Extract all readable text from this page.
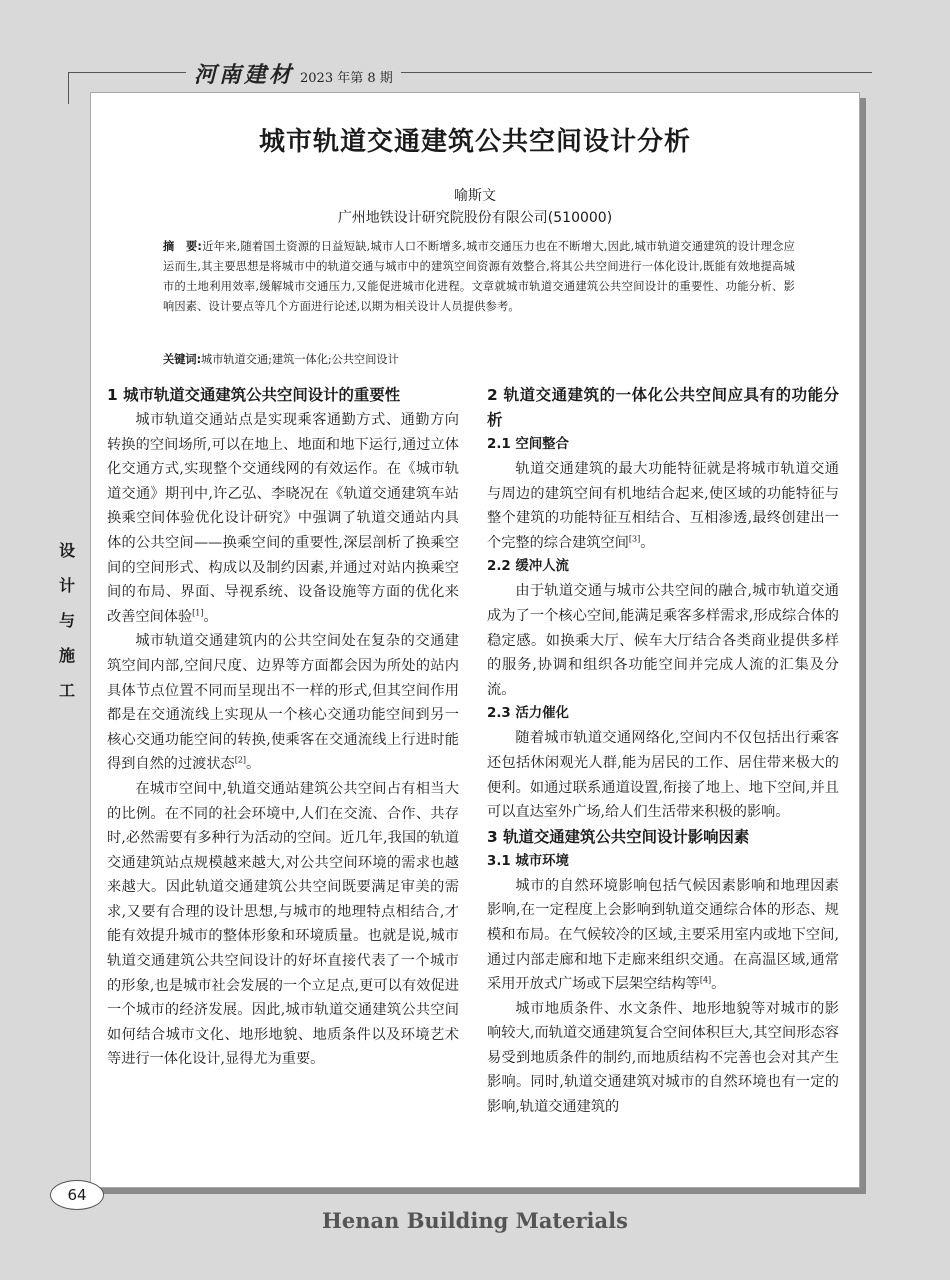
河南建材 2023 年第 8 期
设
计
与
施
工
城市轨道交通建筑公共空间设计分析
喻斯文
广州地铁设计研究院股份有限公司(510000)
摘　要:近年来,随着国土资源的日益短缺,城市人口不断增多,城市交通压力也在不断增大,因此,城市轨道交通建筑的设计理念应运而生,其主要思想是将城市中的轨道交通与城市中的建筑空间资源有效整合,将其公共空间进行一体化设计,既能有效地提高城市的土地利用效率,缓解城市交通压力,又能促进城市化进程。文章就城市轨道交通建筑公共空间设计的重要性、功能分析、影响因素、设计要点等几个方面进行论述,以期为相关设计人员提供参考。
关键词:城市轨道交通;建筑一体化;公共空间设计
1 城市轨道交通建筑公共空间设计的重要性
城市轨道交通站点是实现乘客通勤方式、通勤方向转换的空间场所,可以在地上、地面和地下运行,通过立体化交通方式,实现整个交通线网的有效运作。在《城市轨道交通》期刊中,许乙弘、李晓况在《轨道交通建筑车站换乘空间体验优化设计研究》中强调了轨道交通站内具体的公共空间——换乘空间的重要性,深层剖析了换乘空间的空间形式、构成以及制约因素,并通过对站内换乘空间的布局、界面、导视系统、设备设施等方面的优化来改善空间体验[1]。
城市轨道交通建筑内的公共空间处在复杂的交通建筑空间内部,空间尺度、边界等方面都会因为所处的站内具体节点位置不同而呈现出不一样的形式,但其空间作用都是在交通流线上实现从一个核心交通功能空间到另一核心交通功能空间的转换,使乘客在交通流线上行进时能得到自然的过渡状态[2]。
在城市空间中,轨道交通站建筑公共空间占有相当大的比例。在不同的社会环境中,人们在交流、合作、共存时,必然需要有多种行为活动的空间。近几年,我国的轨道交通建筑站点规模越来越大,对公共空间环境的需求也越来越大。因此轨道交通建筑公共空间既要满足审美的需求,又要有合理的设计思想,与城市的地理特点相结合,才能有效提升城市的整体形象和环境质量。也就是说,城市轨道交通建筑公共空间设计的好坏直接代表了一个城市的形象,也是城市社会发展的一个立足点,更可以有效促进一个城市的经济发展。因此,城市轨道交通建筑公共空间如何结合城市文化、地形地貌、地质条件以及环境艺术等进行一体化设计,显得尤为重要。
2 轨道交通建筑的一体化公共空间应具有的功能分析
2.1 空间整合
轨道交通建筑的最大功能特征就是将城市轨道交通与周边的建筑空间有机地结合起来,使区域的功能特征与整个建筑的功能特征互相结合、互相渗透,最终创建出一个完整的综合建筑空间[3]。
2.2 缓冲人流
由于轨道交通与城市公共空间的融合,城市轨道交通成为了一个核心空间,能满足乘客多样需求,形成综合体的稳定感。如换乘大厅、候车大厅结合各类商业提供多样的服务,协调和组织各功能空间并完成人流的汇集及分流。
2.3 活力催化
随着城市轨道交通网络化,空间内不仅包括出行乘客还包括休闲观光人群,能为居民的工作、居住带来极大的便利。如通过联系通道设置,衔接了地上、地下空间,并且可以直达室外广场,给人们生活带来积极的影响。
3 轨道交通建筑公共空间设计影响因素
3.1 城市环境
城市的自然环境影响包括气候因素影响和地理因素影响,在一定程度上会影响到轨道交通综合体的形态、规模和布局。在气候较冷的区域,主要采用室内或地下空间,通过内部走廊和地下走廊来组织交通。在高温区域,通常采用开放式广场或下层架空结构等[4]。
城市地质条件、水文条件、地形地貌等对城市的影响较大,而轨道交通建筑复合空间体积巨大,其空间形态容易受到地质条件的制约,而地质结构不完善也会对其产生影响。同时,轨道交通建筑对城市的自然环境也有一定的影响,轨道交通建筑的
64
Henan Building Materials
